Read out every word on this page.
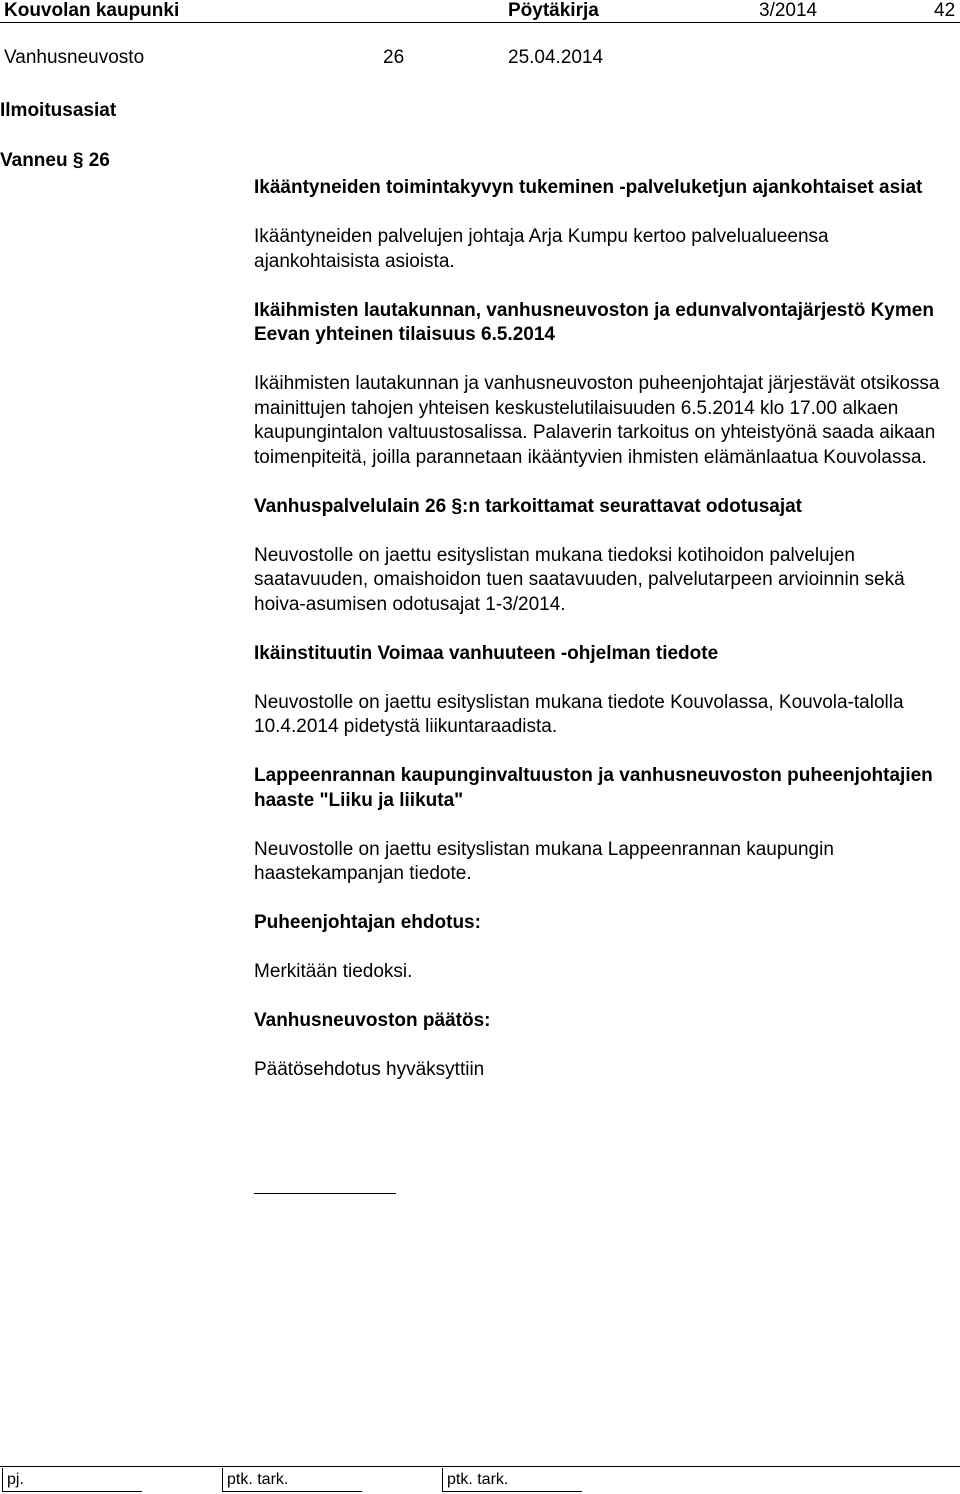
Kouvolan kaupunki	Pöytäkirja	3/2014	42
Vanhusneuvosto	26	25.04.2014
Ilmoitusasiat
Vanneu § 26

Ikääntyneiden toimintakyvyn tukeminen -palveluketjun ajankohtaiset asiat

Ikääntyneiden palvelujen johtaja Arja Kumpu kertoo palvelualueensa ajankohtaisista asioista.

Ikäihmisten lautakunnan, vanhusneuvoston ja edunvalvontajärjestö Kymen Eevan yhteinen tilaisuus 6.5.2014

Ikäihmisten lautakunnan ja vanhusneuvoston puheenjohtajat järjestävät otsikossa mainittujen tahojen yhteisen keskustelutilaisuuden 6.5.2014 klo 17.00 alkaen kaupungintalon valtuustosalissa. Palaverin tarkoitus on yhteistyönä saada aikaan toimenpiteitä, joilla parannetaan ikääntyvien ihmisten elämänlaatua Kouvolassa.

Vanhuspalvelulain 26 §:n tarkoittamat seurattavat odotusajat

Neuvostolle on jaettu esityslistan mukana tiedoksi kotihoidon palvelujen saatavuuden, omaishoidon tuen saatavuuden, palvelutarpeen arvioinnin sekä hoiva-asumisen odotusajat 1-3/2014.

Ikäinstituutin Voimaa vanhuuteen -ohjelman tiedote

Neuvostolle on jaettu esityslistan mukana tiedote Kouvolassa, Kouvola-talolla 10.4.2014 pidetystä liikuntaraadista.

Lappeenrannan kaupunginvaltuuston ja vanhusneuvoston puheenjohtajien haaste "Liiku ja liikuta"

Neuvostolle on jaettu esityslistan mukana Lappeenrannan kaupungin haastekampanjan tiedote.

Puheenjohtajan ehdotus:

Merkitään tiedoksi.

Vanhusneuvoston päätös:

Päätösehdotus hyväksyttiin

pj.	ptk. tark.	ptk. tark.
